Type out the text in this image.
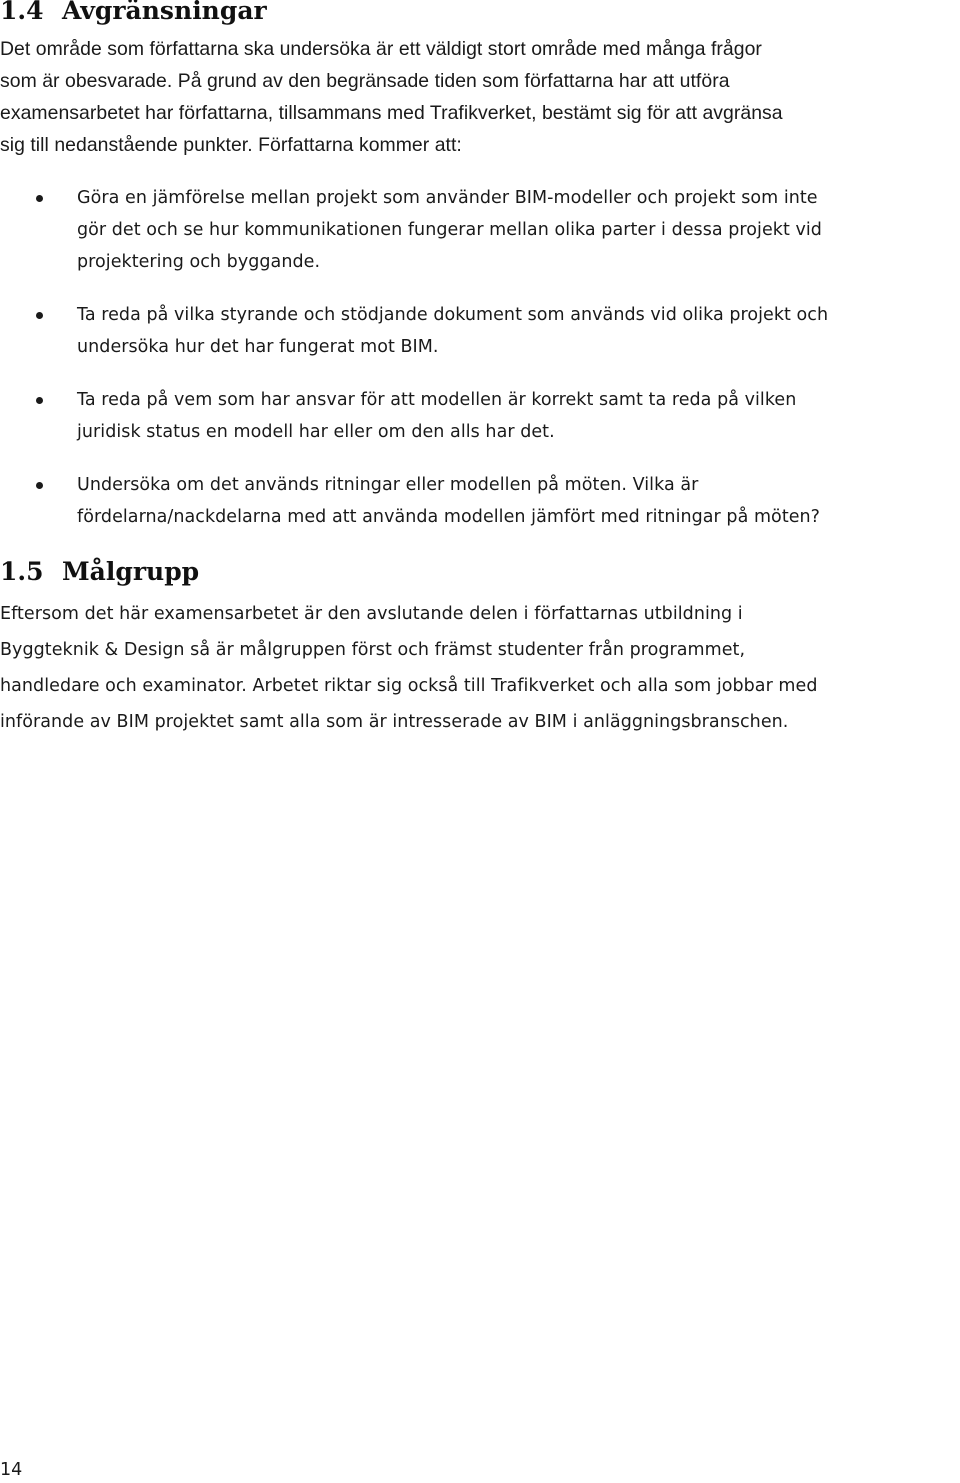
1.4 Avgränsningar

Det område som författarna ska undersöka är ett väldigt stort område med många frågor
som är obesvarade. På grund av den begränsade tiden som författarna har att utföra
examensarbetet har författarna, tillsammans med Trafikverket, bestämt sig för att avgränsa
sig till nedanstående punkter. Författarna kommer att:

Göra en jämförelse mellan projekt som använder BIM-modeller och projekt som inte
gör det och se hur kommunikationen fungerar mellan olika parter i dessa projekt vid
projektering och byggande.
Ta reda på vilka styrande och stödjande dokument som används vid olika projekt och
undersöka hur det har fungerat mot BIM.
Ta reda på vem som har ansvar för att modellen är korrekt samt ta reda på vilken
juridisk status en modell har eller om den alls har det.
Undersöka om det används ritningar eller modellen på möten. Vilka är
fördelarna/nackdelarna med att använda modellen jämfört med ritningar på möten?
1.5 Målgrupp

Eftersom det här examensarbetet är den avslutande delen i författarnas utbildning i
Byggteknik & Design så är målgruppen först och främst studenter från programmet,
handledare och examinator. Arbetet riktar sig också till Trafikverket och alla som jobbar med
införande av BIM projektet samt alla som är intresserade av BIM i anläggningsbranschen.

14
